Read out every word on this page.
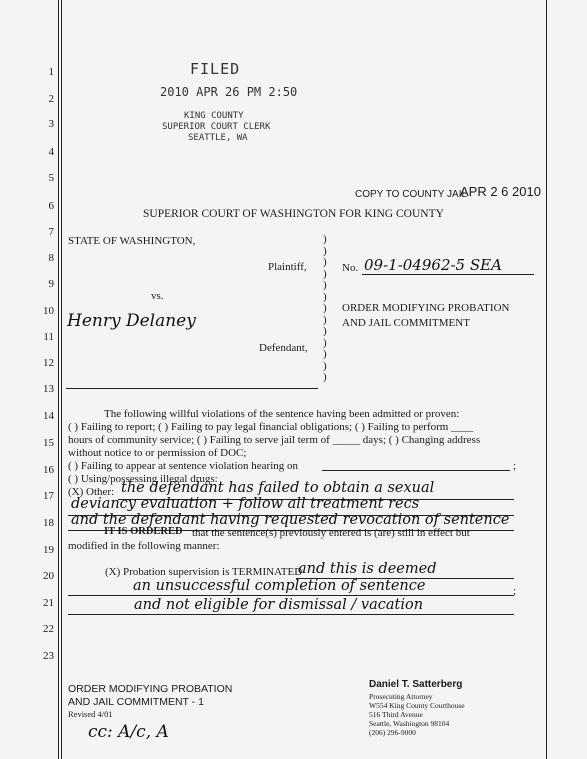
1
2
3
4
5
6
7
8
9
10
11
12
13
14
15
16
17
18
19
20
21
22
23
FILED
2010 APR 26 PM 2:50
KING COUNTY
SUPERIOR COURT CLERK
SEATTLE, WA
COPY TO COUNTY JAIL
APR 2 6 2010
SUPERIOR COURT OF WASHINGTON FOR KING COUNTY
STATE OF WASHINGTON,
Plaintiff,
vs.
Henry Delaney
Defendant,
)
)
)
)
)
)
)
)
)
)
)
)
)
No. 09-1-04962-5 SEA
ORDER MODIFYING PROBATION
AND JAIL COMMITMENT
The following willful violations of the sentence having been admitted or proven:
( ) Failing to report; ( ) Failing to pay legal financial obligations; ( ) Failing to perform ____
hours of community service; ( ) Failing to serve jail term of _____ days; ( ) Changing address
without notice to or permission of DOC;
( ) Failing to appear at sentence violation hearing on	;
( ) Using/possessing illegal drugs:
(X) Other: the defendant has failed to obtain a sexual
deviancy evaluation + follow all treatment recs
and the defendant having requested revocation of sentence
IT IS ORDERED that the sentence(s) previously entered is (are) still in effect but
modified in the following manner:
(X) Probation supervision is TERMINATED
and this is deemed
an unsuccessful completion of sentence	;
and not eligible for dismissal / vacation
ORDER MODIFYING PROBATION
AND JAIL COMMITMENT - 1
Revised 4/01
cc: A/c, A
Daniel T. Satterberg
Prosecuting Attorney
W554 King County Courthouse
516 Third Avenue
Seattle, Washington 98104
(206) 296-9000
